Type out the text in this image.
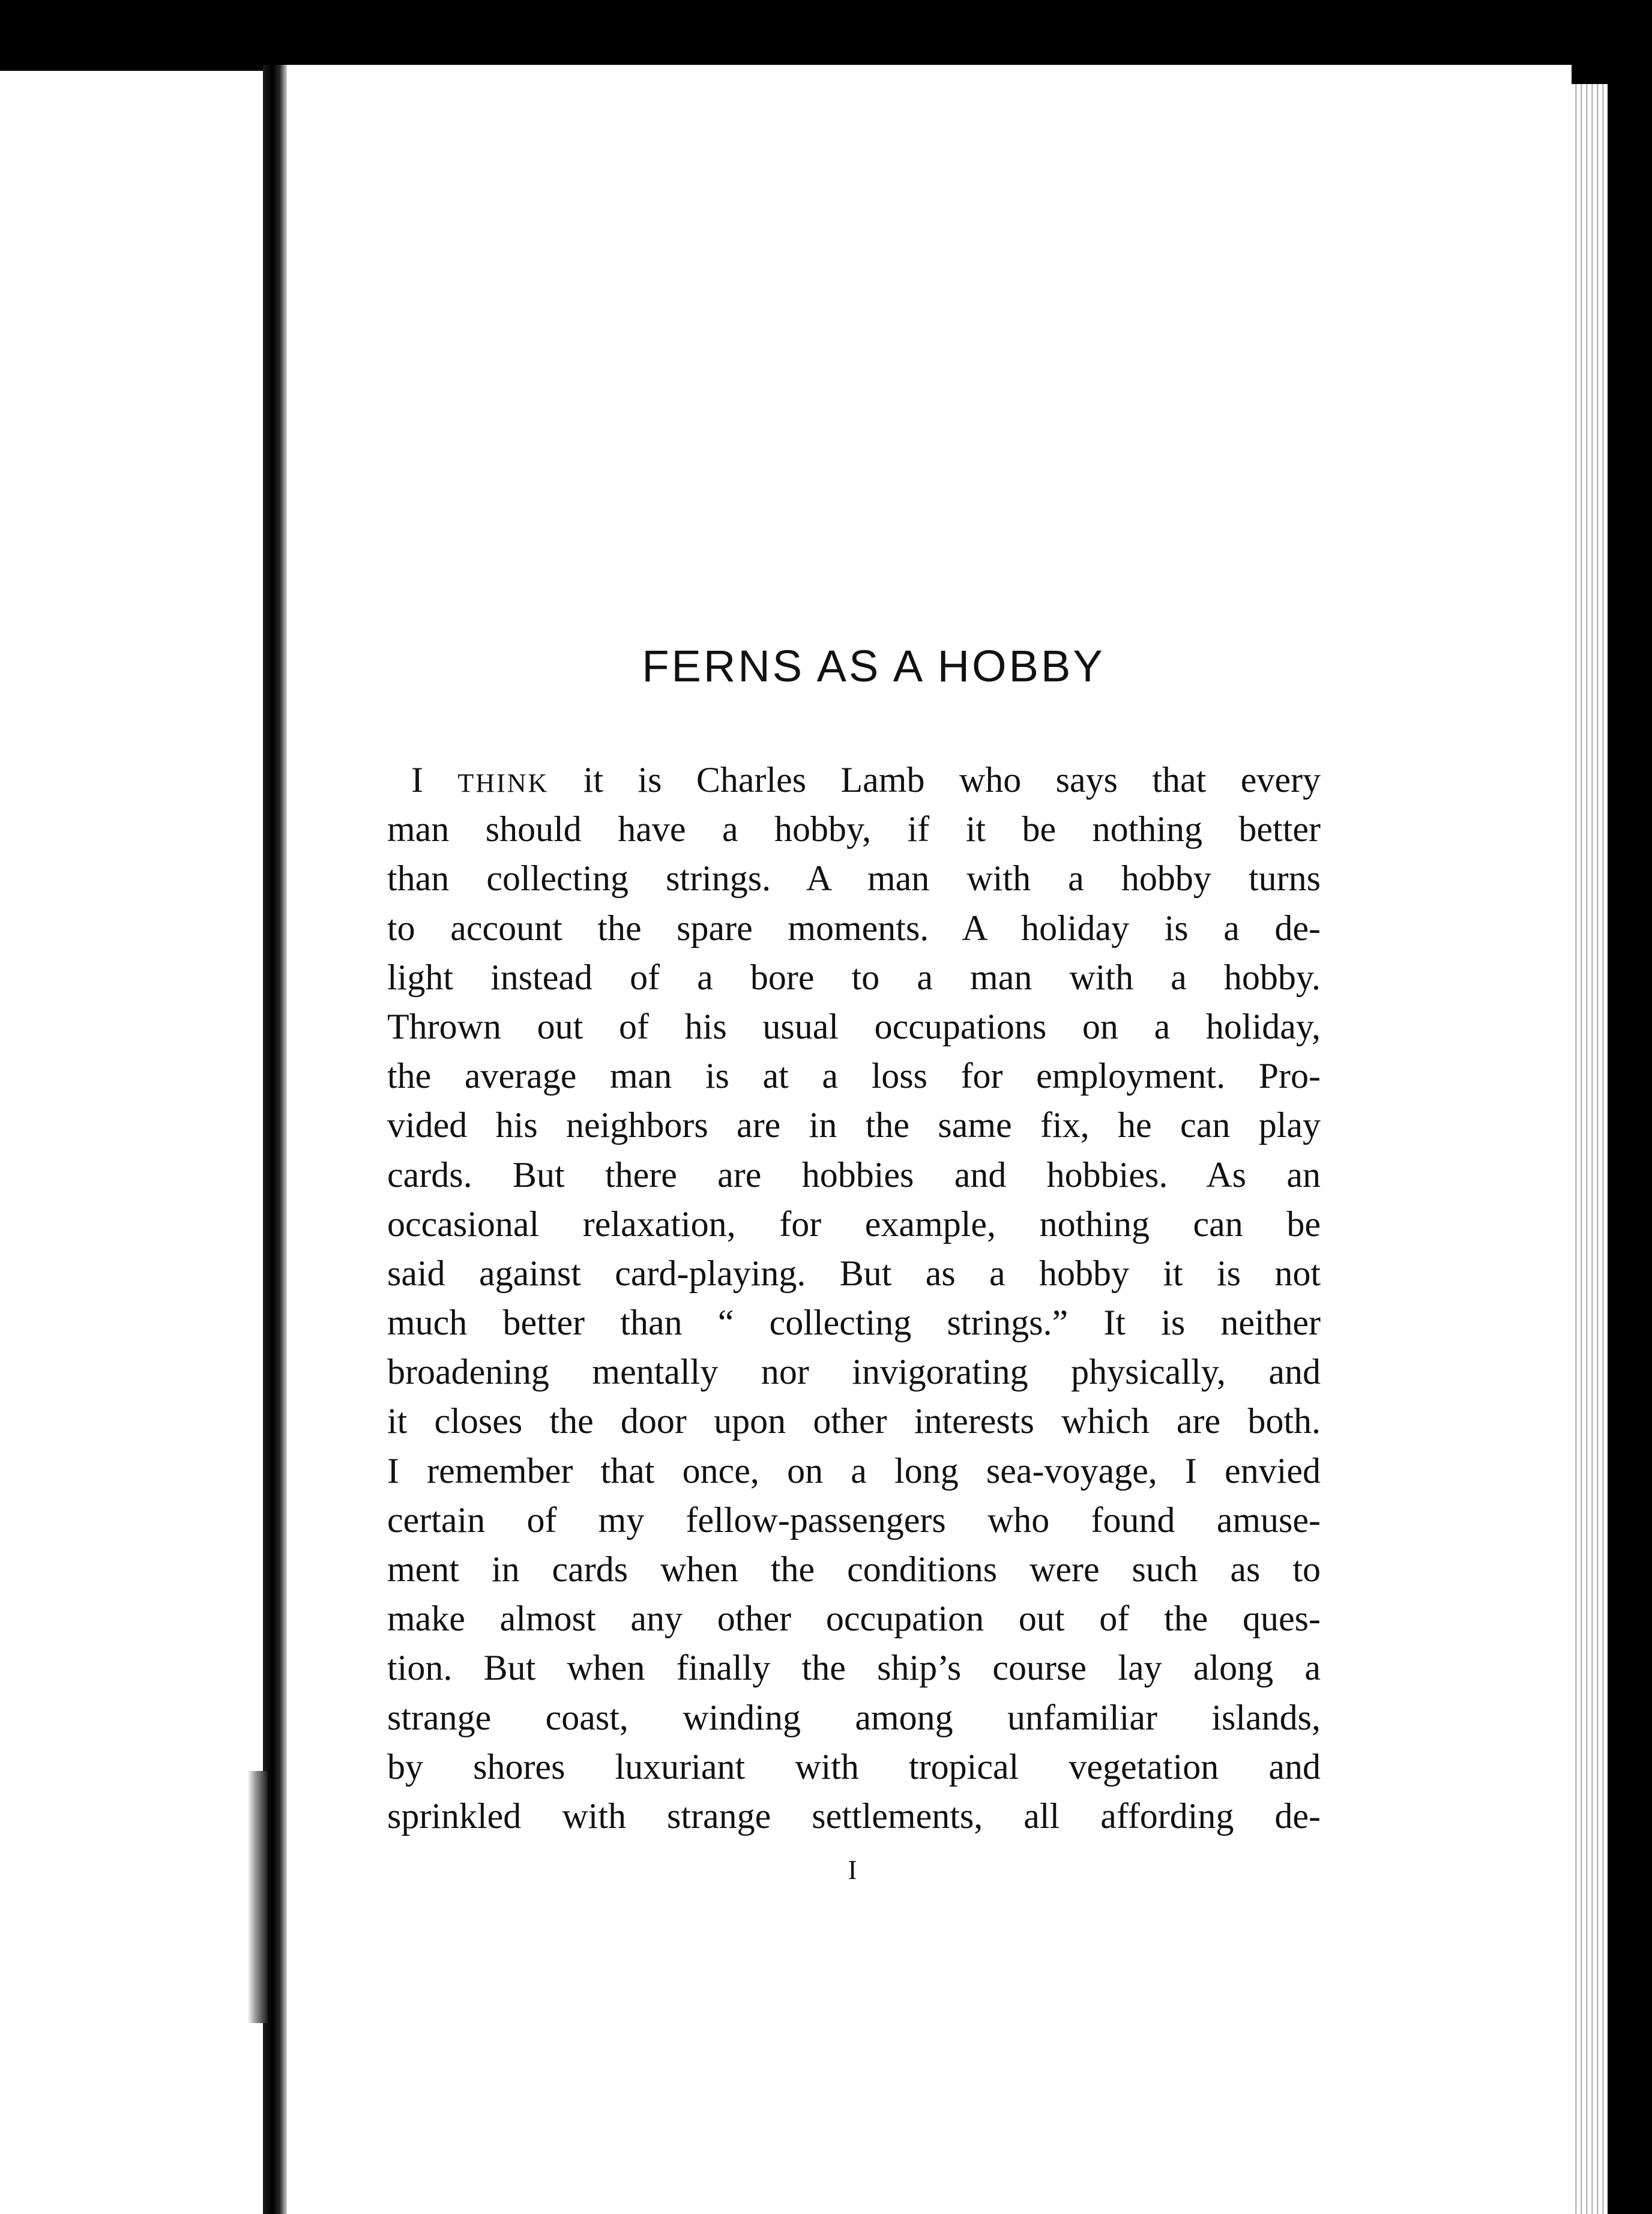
FERNS AS A HOBBY
I THINK it is Charles Lamb who says that every
man should have a hobby, if it be nothing better
than collecting strings. A man with a hobby turns
to account the spare moments. A holiday is a de-
light instead of a bore to a man with a hobby.
Thrown out of his usual occupations on a holiday,
the average man is at a loss for employment. Pro-
vided his neighbors are in the same fix, he can play
cards. But there are hobbies and hobbies. As an
occasional relaxation, for example, nothing can be
said against card-playing. But as a hobby it is not
much better than “ collecting strings.” It is neither
broadening mentally nor invigorating physically, and
it closes the door upon other interests which are both.
I remember that once, on a long sea-voyage, I envied
certain of my fellow-passengers who found amuse-
ment in cards when the conditions were such as to
make almost any other occupation out of the ques-
tion. But when finally the ship’s course lay along a
strange coast, winding among unfamiliar islands,
by shores luxuriant with tropical vegetation and
sprinkled with strange settlements, all affording de-
I
